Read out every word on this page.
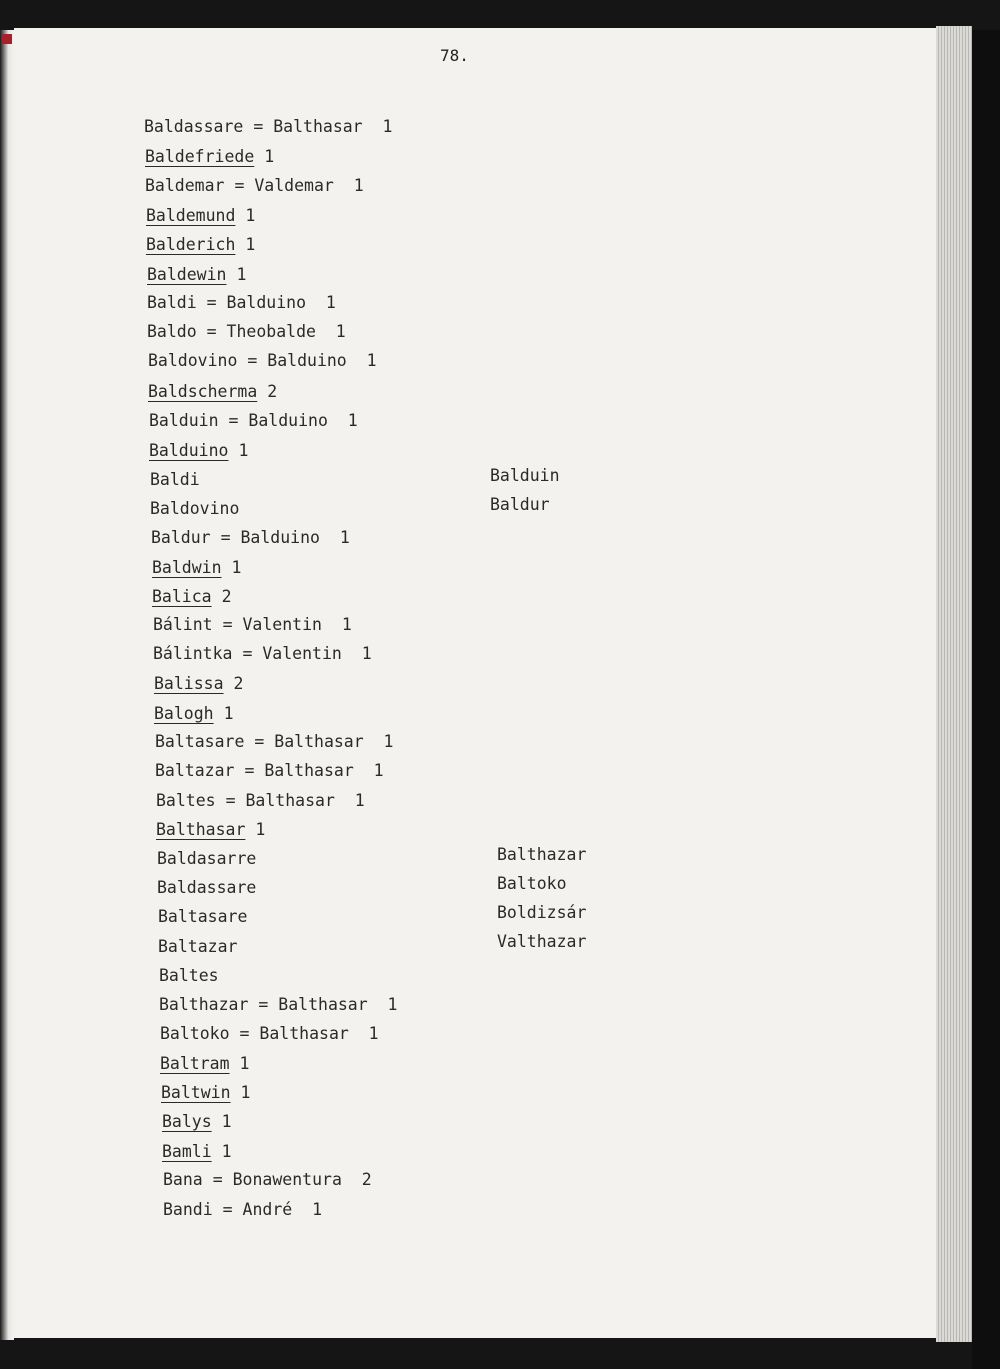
78.
Baldassare = Balthasar  1
Baldefriede 1
Baldemar = Valdemar  1
Baldemund 1
Balderich 1
Baldewin 1
Baldi = Balduino  1
Baldo = Theobalde  1
Baldovino = Balduino  1
Baldscherma 2
Balduin = Balduino  1
Balduino 1
Baldi
Baldovino
Baldur = Balduino  1
Baldwin 1
Balica 2
Bálint = Valentin  1
Bálintka = Valentin  1
Balissa 2
Balogh 1
Baltasare = Balthasar  1
Baltazar = Balthasar  1
Baltes = Balthasar  1
Balthasar 1
Baldasarre
Baldassare
Baltasare
Baltazar
Baltes
Balthazar = Balthasar  1
Baltoko = Balthasar  1
Baltram 1
Baltwin 1
Balys 1
Bamli 1
Bana = Bonawentura  2
Bandi = André  1
Balduin
Baldur
Balthazar
Baltoko
Boldizsár
Valthazar
